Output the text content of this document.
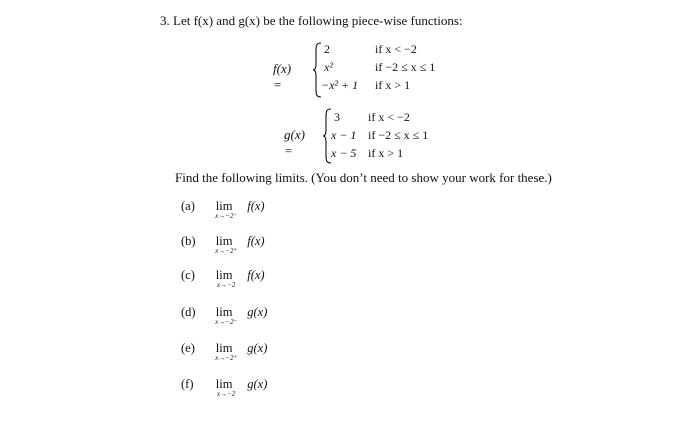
3. Let f(x) and g(x) be the following piece-wise functions:
f(x) =
2
x²
−x² + 1
if x < −2
if −2 ≤ x ≤ 1
if x > 1
g(x) =
3
x − 1
x − 5
if x < −2
if −2 ≤ x ≤ 1
if x > 1
Find the following limits. (You don’t need to show your work for these.)
(a) lim
x→−2⁻
f(x)
(b) lim
x→−2⁺
f(x)
(c) lim
x→−2
f(x)
(d) lim
x→−2⁻
g(x)
(e) lim
x→−2⁺
g(x)
(f) lim
x→−2
g(x)
